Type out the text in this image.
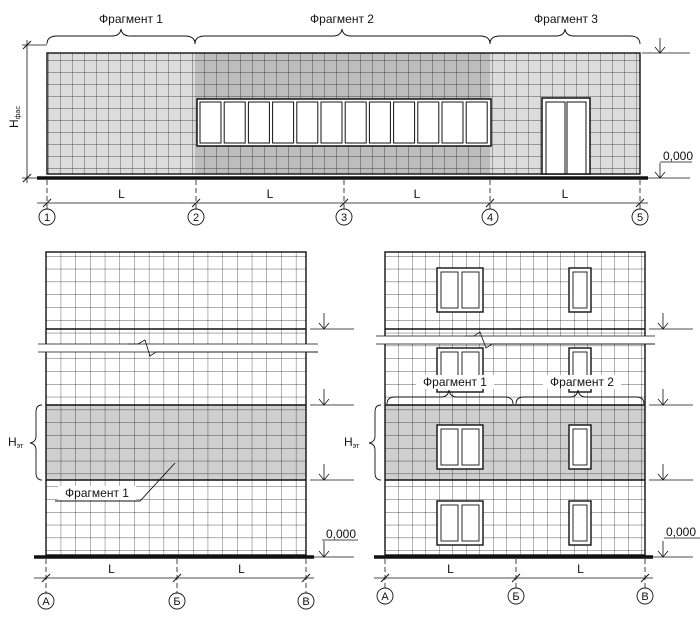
Фрагмент 1	Фрагмент 2	Фрагмент 3
Hфас
0,000
1
L
2
L
3
L
4
L
5
0,000
Hэт
Фрагмент 1
А
L
Б
L
В
0,000
Фрагмент 1	Фрагмент 2
Hэт
А
L
Б
L
В
